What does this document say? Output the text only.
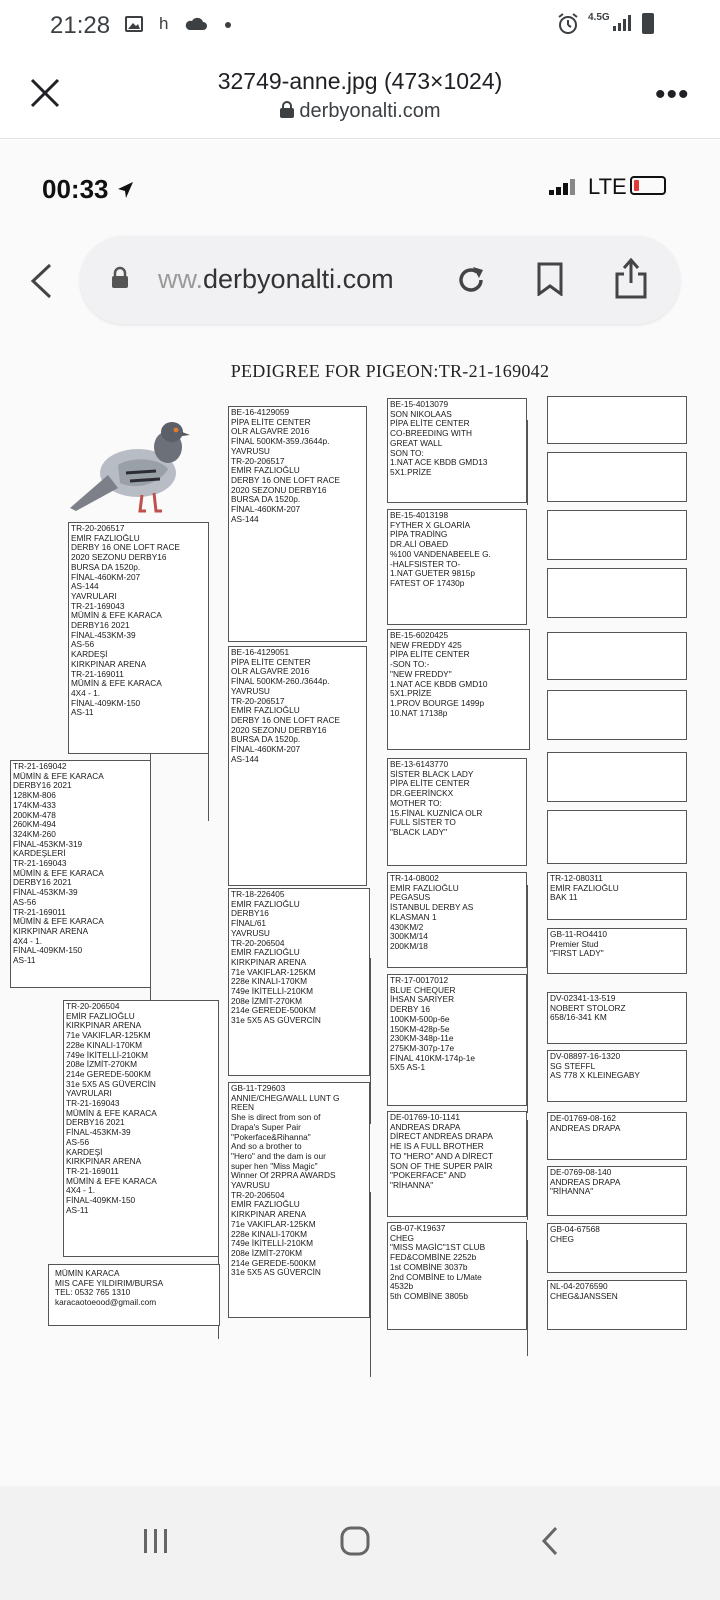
21:28	h	4.5G
32749-anne.jpg (473×1024)
derbyonalti.com	•••
00:33	LTE
ww.derbyonalti.com
PEDIGREE FOR PIGEON:TR-21-169042
TR-21-169042
MÜMİN & EFE KARACA
DERBY16 2021
128KM-806
174KM-433
200KM-478
260KM-494
324KM-260
FİNAL-453KM-319
KARDEŞLERİ
TR-21-169043
MÜMİN & EFE KARACA
DERBY16 2021
FİNAL-453KM-39
AS-56
TR-21-169011
MÜMİN & EFE KARACA
KIRKPINAR ARENA
4X4 - 1.
FİNAL-409KM-150
AS-11
TR-20-206517
EMİR FAZLIOĞLU
DERBY 16 ONE LOFT RACE
2020 SEZONU DERBY16
BURSA DA 1520p.
FİNAL-460KM-207
AS-144
YAVRULARI
TR-21-169043
MÜMİN & EFE KARACA
DERBY16 2021
FİNAL-453KM-39
AS-56
KARDEŞİ
KIRKPINAR ARENA
TR-21-169011
MÜMİN & EFE KARACA
4X4 - 1.
FİNAL-409KM-150
AS-11
TR-20-206504
EMİR FAZLIOĞLU
KIRKPINAR ARENA
71e VAKIFLAR-125KM
228e KINALI-170KM
749e İKİTELLİ-210KM
208e İZMİT-270KM
214e GEREDE-500KM
31e 5X5 AS GÜVERCİN
YAVRULARI
TR-21-169043
MÜMİN & EFE KARACA
DERBY16 2021
FİNAL-453KM-39
AS-56
KARDEŞİ
KIRKPINAR ARENA
TR-21-169011
MÜMİN & EFE KARACA
4X4 - 1.
FİNAL-409KM-150
AS-11
MÜMİN KARACA
MIS CAFE YILDIRIM/BURSA
TEL: 0532 765 1310
karacaotoeood@gmail.com
BE-16-4129059
PİPA ELİTE CENTER
OLR ALGAVRE 2016
FİNAL 500KM-359./3644p.
YAVRUSU
TR-20-206517
EMİR FAZLIOĞLU
DERBY 16 ONE LOFT RACE
2020 SEZONU DERBY16
BURSA DA 1520p.
FİNAL-460KM-207
AS-144
BE-16-4129051
PİPA ELİTE CENTER
OLR ALGAVRE 2016
FİNAL 500KM-260./3644p.
YAVRUSU
TR-20-206517
EMİR FAZLIOĞLU
DERBY 16 ONE LOFT RACE
2020 SEZONU DERBY16
BURSA DA 1520p.
FİNAL-460KM-207
AS-144
TR-18-226405
EMİR FAZLIOĞLU
DERBY16
FİNAL/61
YAVRUSU
TR-20-206504
EMİR FAZLIOĞLU
KIRKPINAR ARENA
71e VAKIFLAR-125KM
228e KINALI-170KM
749e İKİTELLİ-210KM
208e İZMİT-270KM
214e GEREDE-500KM
31e 5X5 AS GÜVERCİN
GB-11-T29603
ANNIE/CHEG/WALL LUNT G
REEN
She is direct from son of
Drapa's Super Pair
"Pokerface&Rihanna"
And so a brother to
"Hero" and the dam is our
super hen "Miss Magic"
Winner Of 2RPRA AWARDS
YAVRUSU
TR-20-206504
EMİR FAZLIOĞLU
KIRKPINAR ARENA
71e VAKIFLAR-125KM
228e KINALI-170KM
749e İKİTELLİ-210KM
208e İZMİT-270KM
214e GEREDE-500KM
31e 5X5 AS GÜVERCİN
BE-15-4013079
SON NIKOLAAS
PİPA ELİTE CENTER
CO-BREEDING WITH
GREAT WALL
SON TO:
1.NAT ACE KBDB GMD13
5X1.PRİZE
BE-15-4013198
FYTHER X GLOARİA
PİPA TRADİNG
DR.ALİ OBAED
%100 VANDENABEELE G.
-HALFSISTER TO-
1.NAT GUETER 9815p
FATEST OF 17430p
BE-15-6020425
NEW FREDDY 425
PİPA ELİTE CENTER
-SON TO:-
"NEW FREDDY"
1.NAT ACE KBDB GMD10
5X1.PRİZE
1.PROV BOURGE 1499p
10.NAT 17138p
BE-13-6143770
SİSTER BLACK LADY
PİPA ELİTE CENTER
DR.GEERİNCKX
MOTHER TO:
15.FİNAL KUZNİCA OLR
FULL SİSTER TO
"BLACK LADY"
TR-14-08002
EMİR FAZLIOĞLU
PEGASUS
İSTANBUL DERBY AS
KLASMAN 1
430KM/2
300KM/14
200KM/18
TR-17-0017012
BLUE CHEQUER
İHSAN SARIYER
DERBY 16
100KM-500p-6e
150KM-428p-5e
230KM-348p-11e
275KM-307p-17e
FİNAL 410KM-174p-1e
5X5 AS-1
DE-01769-10-1141
ANDREAS DRAPA
DİRECT ANDREAS DRAPA
HE IS A FULL BROTHER
TO "HERO" AND A DİRECT
SON OF THE SUPER PAİR
"POKERFACE" AND
"RİHANNA"
GB-07-K19637
CHEG
"MISS MAGİC"1ST CLUB
FED&COMBİNE 2252b
1st COMBİNE 3037b
2nd COMBİNE to L/Mate
4532b
5th COMBİNE 3805b
TR-12-080311
EMİR FAZLIOĞLU
BAK 11
GB-11-RO4410
Premier Stud
"FIRST LADY"
DV-02341-13-519
NOBERT STOLORZ
658/16-341 KM
DV-08897-16-1320
SG STEFFL
AS 778 X KLEINEGABY
DE-01769-08-162
ANDREAS DRAPA
DE-0769-08-140
ANDREAS DRAPA
"RİHANNA"
GB-04-67568
CHEG
NL-04-2076590
CHEG&JANSSEN
